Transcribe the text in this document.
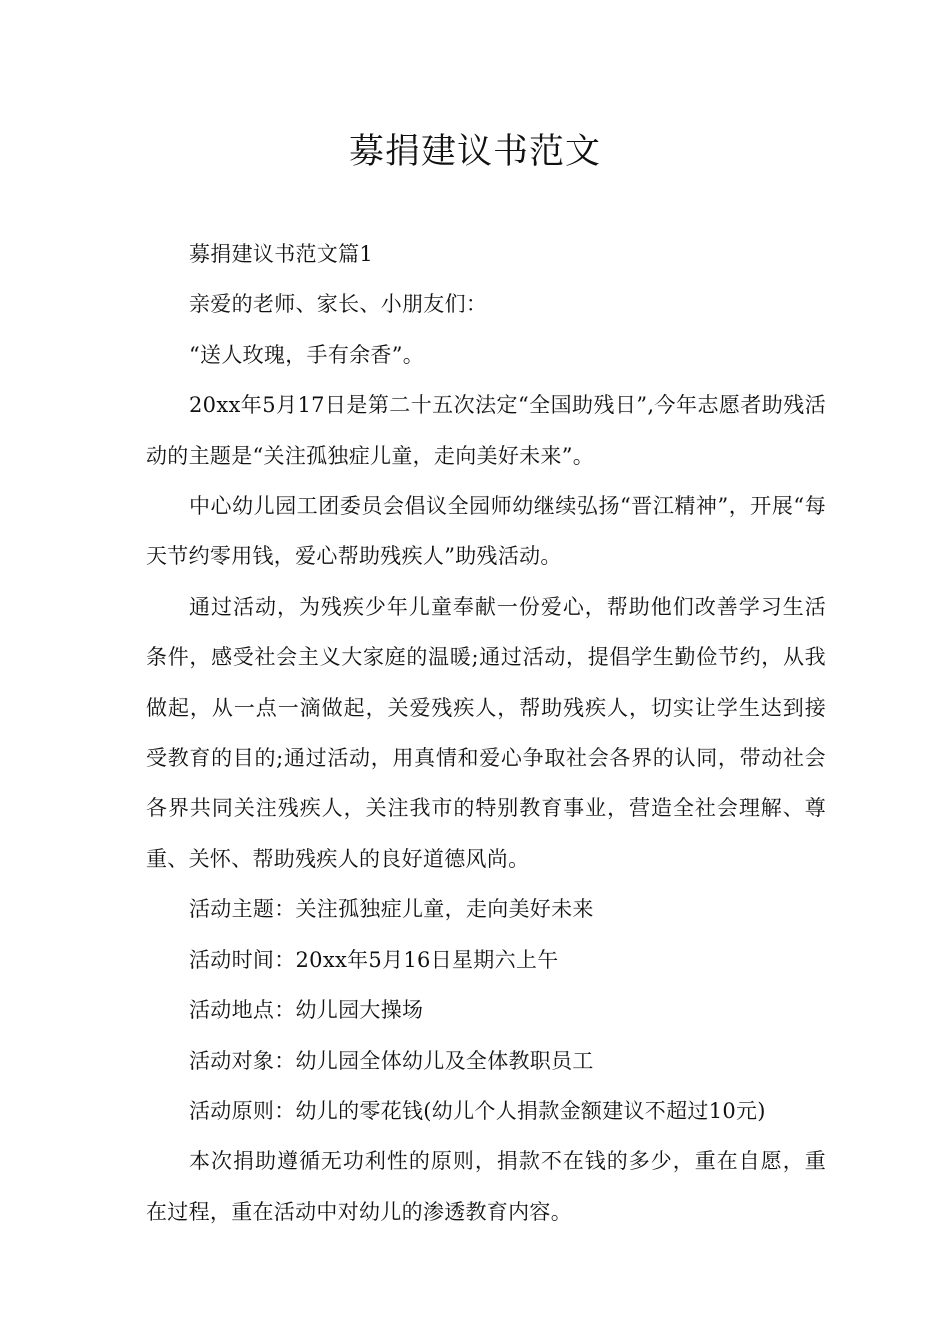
募捐建议书范文

募捐建议书范文篇1

亲爱的老师、家长、小朋友们：

“送人玫瑰，手有余香”。

20xx年5月17日是第二十五次法定“全国助残日”,今年志愿者助残活动的主题是“关注孤独症儿童，走向美好未来”。

中心幼儿园工团委员会倡议全园师幼继续弘扬“晋江精神”，开展“每天节约零用钱，爱心帮助残疾人”助残活动。

通过活动，为残疾少年儿童奉献一份爱心，帮助他们改善学习生活条件，感受社会主义大家庭的温暖;通过活动，提倡学生勤俭节约，从我做起，从一点一滴做起，关爱残疾人，帮助残疾人，切实让学生达到接受教育的目的;通过活动，用真情和爱心争取社会各界的认同，带动社会各界共同关注残疾人，关注我市的特别教育事业，营造全社会理解、尊重、关怀、帮助残疾人的良好道德风尚。

活动主题：关注孤独症儿童，走向美好未来

活动时间：20xx年5月16日星期六上午

活动地点：幼儿园大操场

活动对象：幼儿园全体幼儿及全体教职员工

活动原则：幼儿的零花钱(幼儿个人捐款金额建议不超过10元)

本次捐助遵循无功利性的原则，捐款不在钱的多少，重在自愿，重在过程，重在活动中对幼儿的渗透教育内容。
